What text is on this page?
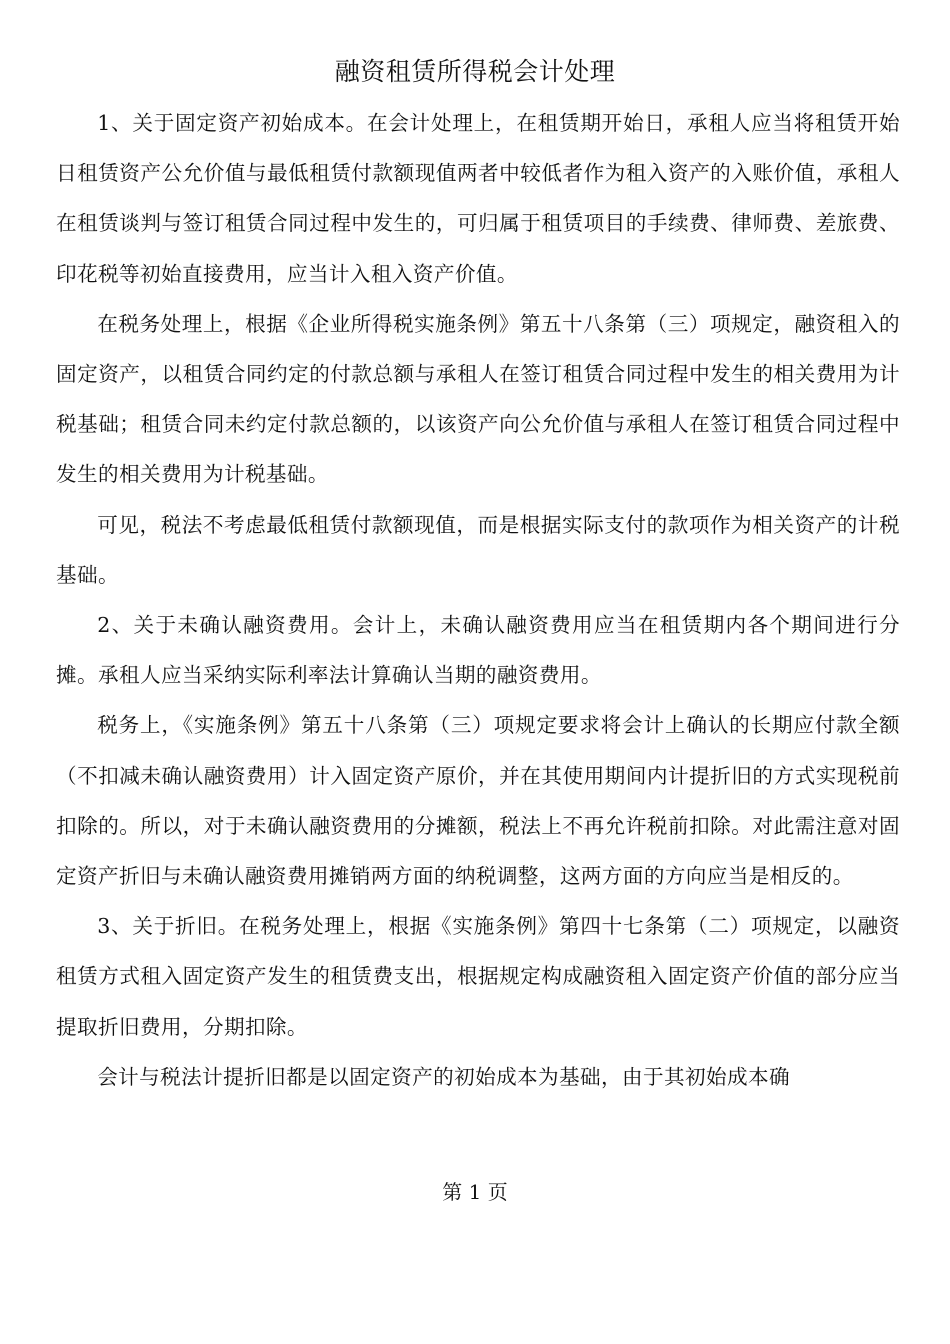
融资租赁所得税会计处理

1、关于固定资产初始成本。在会计处理上，在租赁期开始日，承租人应当将租赁开始日租赁资产公允价值与最低租赁付款额现值两者中较低者作为租入资产的入账价值，承租人在租赁谈判与签订租赁合同过程中发生的，可归属于租赁项目的手续费、律师费、差旅费、印花税等初始直接费用，应当计入租入资产价值。

在税务处理上，根据《企业所得税实施条例》第五十八条第（三）项规定，融资租入的固定资产，以租赁合同约定的付款总额与承租人在签订租赁合同过程中发生的相关费用为计税基础；租赁合同未约定付款总额的，以该资产向公允价值与承租人在签订租赁合同过程中发生的相关费用为计税基础。

可见，税法不考虑最低租赁付款额现值，而是根据实际支付的款项作为相关资产的计税基础。

2、关于未确认融资费用。会计上，未确认融资费用应当在租赁期内各个期间进行分摊。承租人应当采纳实际利率法计算确认当期的融资费用。

税务上，《实施条例》第五十八条第（三）项规定要求将会计上确认的长期应付款全额（不扣减未确认融资费用）计入固定资产原价，并在其使用期间内计提折旧的方式实现税前扣除的。所以，对于未确认融资费用的分摊额，税法上不再允许税前扣除。对此需注意对固定资产折旧与未确认融资费用摊销两方面的纳税调整，这两方面的方向应当是相反的。

3、关于折旧。在税务处理上，根据《实施条例》第四十七条第（二）项规定，以融资租赁方式租入固定资产发生的租赁费支出，根据规定构成融资租入固定资产价值的部分应当提取折旧费用，分期扣除。

会计与税法计提折旧都是以固定资产的初始成本为基础，由于其初始成本确

第 1 页
